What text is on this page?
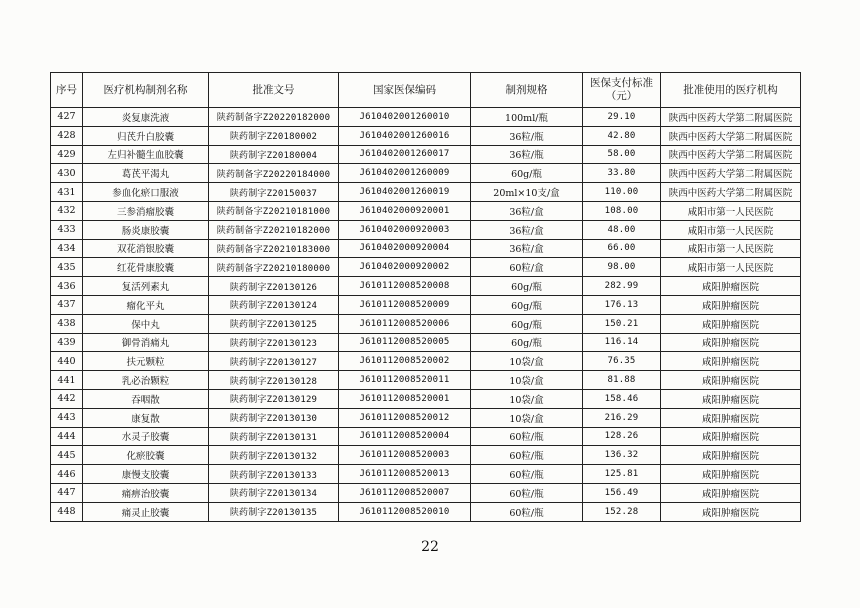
序号	医疗机构制剂名称	批准文号	国家医保编码	制剂规格	医保支付标准（元）	批准使用的医疗机构
427	炎复康洗液	陕药制备字Z20220182000	J610402001260010	100ml/瓶	29.10	陕西中医药大学第二附属医院
428	归芪升白胶囊	陕药制字Z20180002	J610402001260016	36粒/瓶	42.80	陕西中医药大学第二附属医院
429	左归补髓生血胶囊	陕药制字Z20180004	J610402001260017	36粒/瓶	58.00	陕西中医药大学第二附属医院
430	葛芪平渴丸	陕药制备字Z20220184000	J610402001260009	60g/瓶	33.80	陕西中医药大学第二附属医院
431	参血化瘀口服液	陕药制字Z20150037	J610402001260019	20ml×10支/盒	110.00	陕西中医药大学第二附属医院
432	三参消瘤胶囊	陕药制备字Z20210181000	J610402000920001	36粒/盒	108.00	咸阳市第一人民医院
433	肠炎康胶囊	陕药制备字Z20210182000	J610402000920003	36粒/盒	48.00	咸阳市第一人民医院
434	双花消银胶囊	陕药制备字Z20210183000	J610402000920004	36粒/盒	66.00	咸阳市第一人民医院
435	红花骨康胶囊	陕药制备字Z20210180000	J610402000920002	60粒/盒	98.00	咸阳市第一人民医院
436	复活列素丸	陕药制字Z20130126	J610112008520008	60g/瓶	282.99	咸阳肿瘤医院
437	瘤化平丸	陕药制字Z20130124	J610112008520009	60g/瓶	176.13	咸阳肿瘤医院
438	保中丸	陕药制字Z20130125	J610112008520006	60g/瓶	150.21	咸阳肿瘤医院
439	御骨消痛丸	陕药制字Z20130123	J610112008520005	60g/瓶	116.14	咸阳肿瘤医院
440	扶元颗粒	陕药制字Z20130127	J610112008520002	10袋/盒	76.35	咸阳肿瘤医院
441	乳必治颗粒	陕药制字Z20130128	J610112008520011	10袋/盒	81.88	咸阳肿瘤医院
442	吞咽散	陕药制字Z20130129	J610112008520001	10袋/盒	158.46	咸阳肿瘤医院
443	康复散	陕药制字Z20130130	J610112008520012	10袋/盒	216.29	咸阳肿瘤医院
444	水灵子胶囊	陕药制字Z20130131	J610112008520004	60粒/瓶	128.26	咸阳肿瘤医院
445	化瘀胶囊	陕药制字Z20130132	J610112008520003	60粒/瓶	136.32	咸阳肿瘤医院
446	康慢支胶囊	陕药制字Z20130133	J610112008520013	60粒/瓶	125.81	咸阳肿瘤医院
447	痛痹治胶囊	陕药制字Z20130134	J610112008520007	60粒/瓶	156.49	咸阳肿瘤医院
448	痛灵止胶囊	陕药制字Z20130135	J610112008520010	60粒/瓶	152.28	咸阳肿瘤医院
22
